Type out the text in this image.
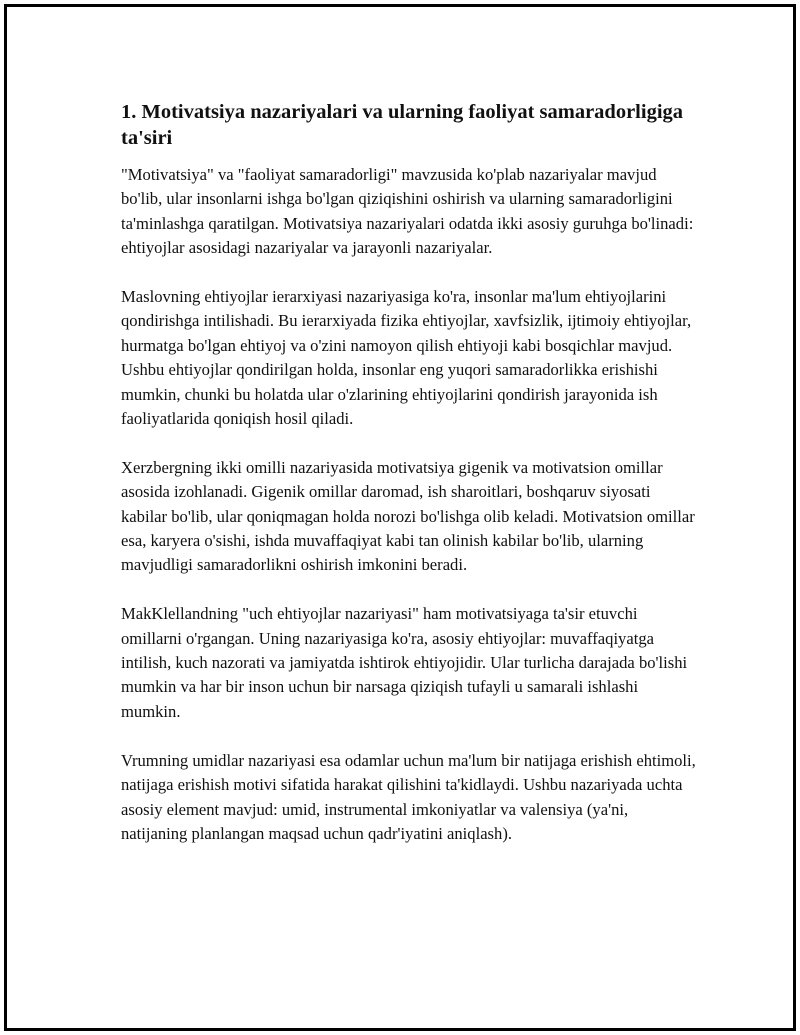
1. Motivatsiya nazariyalari va ularning faoliyat samaradorligiga ta'siri

"Motivatsiya" va "faoliyat samaradorligi" mavzusida ko'plab nazariyalar mavjud bo'lib, ular insonlarni ishga bo'lgan qiziqishini oshirish va ularning samaradorligini ta'minlashga qaratilgan. Motivatsiya nazariyalari odatda ikki asosiy guruhga bo'linadi: ehtiyojlar asosidagi nazariyalar va jarayonli nazariyalar.

Maslovning ehtiyojlar ierarxiyasi nazariyasiga ko'ra, insonlar ma'lum ehtiyojlarini qondirishga intilishadi. Bu ierarxiyada fizika ehtiyojlar, xavfsizlik, ijtimoiy ehtiyojlar, hurmatga bo'lgan ehtiyoj va o'zini namoyon qilish ehtiyoji kabi bosqichlar mavjud. Ushbu ehtiyojlar qondirilgan holda, insonlar eng yuqori samaradorlikka erishishi mumkin, chunki bu holatda ular o'zlarining ehtiyojlarini qondirish jarayonida ish faoliyatlarida qoniqish hosil qiladi.

Xerzbergning ikki omilli nazariyasida motivatsiya gigenik va motivatsion omillar asosida izohlanadi. Gigenik omillar daromad, ish sharoitlari, boshqaruv siyosati kabilar bo'lib, ular qoniqmagan holda norozi bo'lishga olib keladi. Motivatsion omillar esa, karyera o'sishi, ishda muvaffaqiyat kabi tan olinish kabilar bo'lib, ularning mavjudligi samaradorlikni oshirish imkonini beradi.

MakKlellandning "uch ehtiyojlar nazariyasi" ham motivatsiyaga ta'sir etuvchi omillarni o'rgangan. Uning nazariyasiga ko'ra, asosiy ehtiyojlar: muvaffaqiyatga intilish, kuch nazorati va jamiyatda ishtirok ehtiyojidir. Ular turlicha darajada bo'lishi mumkin va har bir inson uchun bir narsaga qiziqish tufayli u samarali ishlashi mumkin.

Vrumning umidlar nazariyasi esa odamlar uchun ma'lum bir natijaga erishish ehtimoli, natijaga erishish motivi sifatida harakat qilishini ta'kidlaydi. Ushbu nazariyada uchta asosiy element mavjud: umid, instrumental imkoniyatlar va valensiya (ya'ni, natijaning planlangan maqsad uchun qadr'iyatini aniqlash).
